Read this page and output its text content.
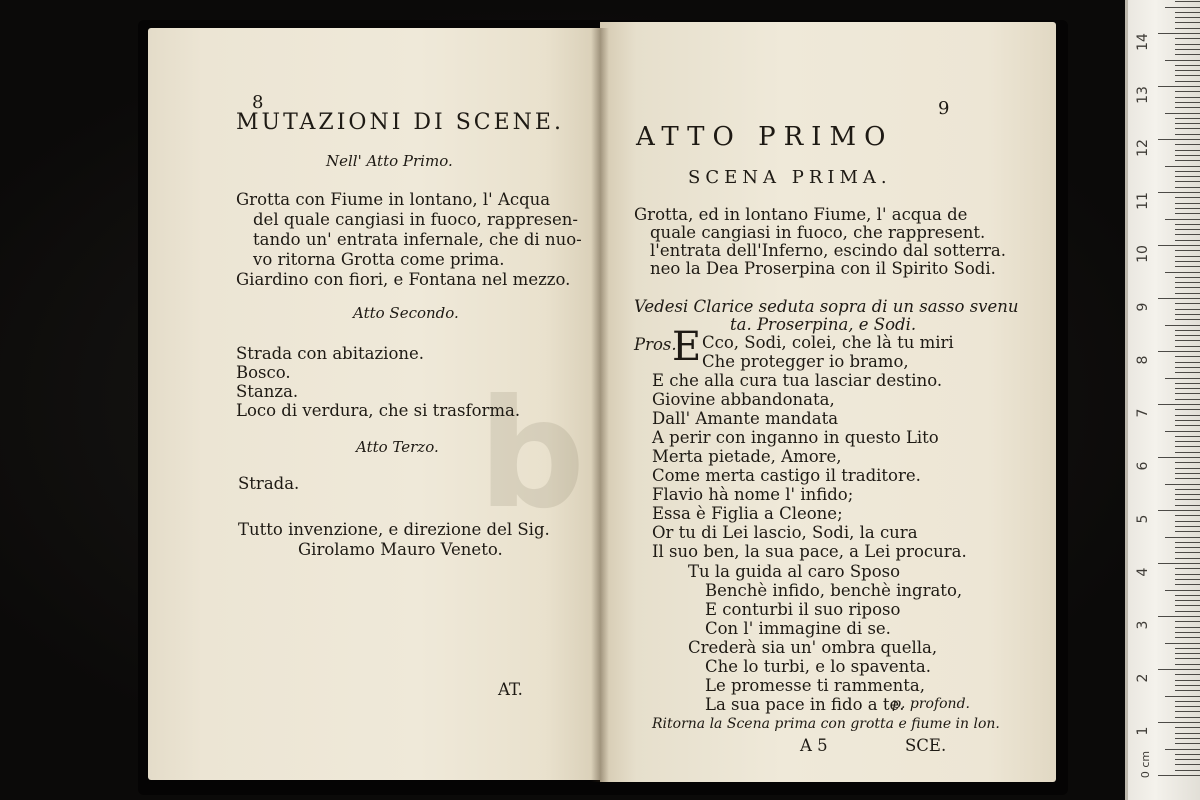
b
8
MUTAZIONI DI SCENE.
Nell' Atto Primo.
Grotta con Fiume in lontano, l' Acqua
del quale cangiasi in fuoco, rappresen-
tando un' entrata infernale, che di nuo-
vo ritorna Grotta come prima.
Giardino con fiori, e Fontana nel mezzo.
Atto Secondo.
Strada con abitazione.
Bosco.
Stanza.
Loco di verdura, che si trasforma.
Atto Terzo.
Strada.
Tutto invenzione, e direzione del Sig.
Girolamo Mauro Veneto.
AT.
9
ATTO PRIMO
SCENA PRIMA.
Grotta, ed in lontano Fiume, l' acqua de
quale cangiasi in fuoco, che rappresent.
l'entrata dell'Inferno, escindo dal sotterra.
neo la Dea Proserpina con il Spirito Sodi.
Vedesi Clarice seduta sopra di un sasso svenu
ta. Proserpina, e Sodi.
Pros.
E Cco, Sodi, colei, che là tu miri
Che protegger io bramo,
E che alla cura tua lasciar destino.
Giovine abbandonata,
Dall' Amante mandata
A perir con inganno in questo Lito
Merta pietade, Amore,
Come merta castigo il traditore.
Flavio hà nome l' infido;
Essa è Figlia a Cleone;
Or tu di Lei lascio, Sodi, la cura
Il suo ben, la sua pace, a Lei procura.
Tu la guida al caro Sposo
Benchè infido, benchè ingrato,
E conturbi il suo riposo
Con l' immagine di se.
Crederà sia un' ombra quella,
Che lo turbi, e lo spaventa.
Le promesse ti rammenta,
La sua pace in fido a te.
p. profond.
Ritorna la Scena prima con grotta e fiume in lon.
A 5	SCE.
14
13
12
11
10
9
8
7
6
5
4
3
2
1
0 cm
